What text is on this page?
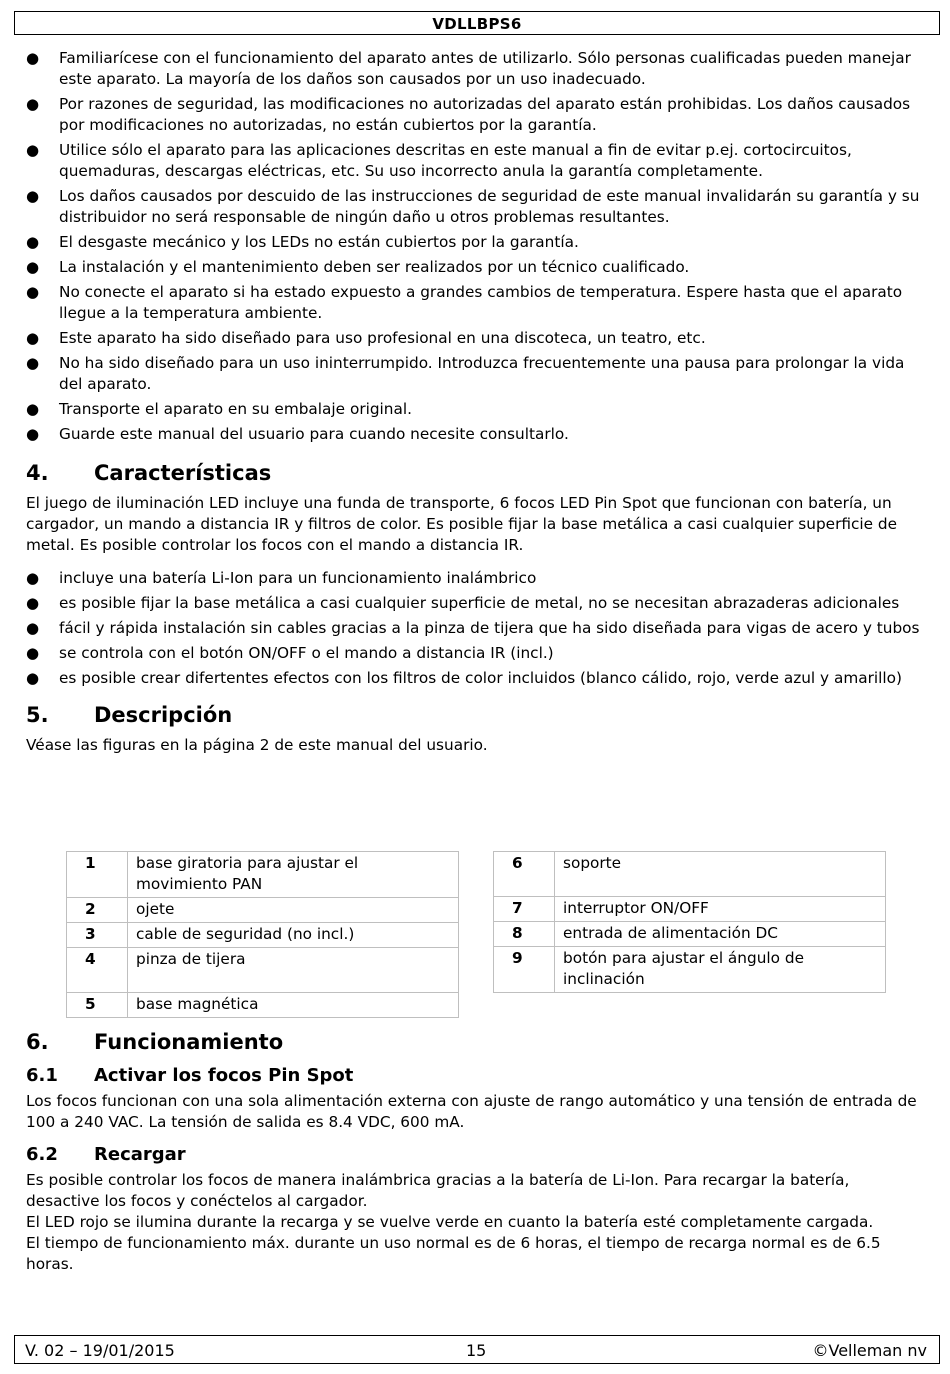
VDLLBPS6
● Familiarícese con el funcionamiento del aparato antes de utilizarlo. Sólo personas cualificadas pueden manejar este aparato. La mayoría de los daños son causados por un uso inadecuado.
● Por razones de seguridad, las modificaciones no autorizadas del aparato están prohibidas. Los daños causados por modificaciones no autorizadas, no están cubiertos por la garantía.
● Utilice sólo el aparato para las aplicaciones descritas en este manual a fin de evitar p.ej. cortocircuitos, quemaduras, descargas eléctricas, etc. Su uso incorrecto anula la garantía completamente.
● Los daños causados por descuido de las instrucciones de seguridad de este manual invalidarán su garantía y su distribuidor no será responsable de ningún daño u otros problemas resultantes.
● El desgaste mecánico y los LEDs no están cubiertos por la garantía.
● La instalación y el mantenimiento deben ser realizados por un técnico cualificado.
● No conecte el aparato si ha estado expuesto a grandes cambios de temperatura. Espere hasta que el aparato llegue a la temperatura ambiente.
● Este aparato ha sido diseñado para uso profesional en una discoteca, un teatro, etc.
● No ha sido diseñado para un uso ininterrumpido. Introduzca frecuentemente una pausa para prolongar la vida del aparato.
● Transporte el aparato en su embalaje original.
● Guarde este manual del usuario para cuando necesite consultarlo.
4. Características

El juego de iluminación LED incluye una funda de transporte, 6 focos LED Pin Spot que funcionan con batería, un cargador, un mando a distancia IR y filtros de color. Es posible fijar la base metálica a casi cualquier superficie de metal. Es posible controlar los focos con el mando a distancia IR.

● incluye una batería Li-Ion para un funcionamiento inalámbrico
● es posible fijar la base metálica a casi cualquier superficie de metal, no se necesitan abrazaderas adicionales
● fácil y rápida instalación sin cables gracias a la pinza de tijera que ha sido diseñada para vigas de acero y tubos
● se controla con el botón ON/OFF o el mando a distancia IR (incl.)
● es posible crear difertentes efectos con los filtros de color incluidos (blanco cálido, rojo, verde azul y amarillo)
5. Descripción

Véase las figuras en la página 2 de este manual del usuario.

1	base giratoria para ajustar el movimiento PAN
2	ojete
3	cable de seguridad (no incl.)
4	pinza de tijera
5	base magnética
6	soporte
7	interruptor ON/OFF
8	entrada de alimentación DC
9	botón para ajustar el ángulo de inclinación
6. Funcionamiento
6.1 Activar los focos Pin Spot

Los focos funcionan con una sola alimentación externa con ajuste de rango automático y una tensión de entrada de 100 a 240 VAC. La tensión de salida es 8.4 VDC, 600 mA.

6.2 Recargar

Es posible controlar los focos de manera inalámbrica gracias a la batería de Li-Ion. Para recargar la batería, desactive los focos y conéctelos al cargador.

El LED rojo se ilumina durante la recarga y se vuelve verde en cuanto la batería esté completamente cargada.

El tiempo de funcionamiento máx. durante un uso normal es de 6 horas, el tiempo de recarga normal es de 6.5 horas.

V. 02 – 19/01/2015	15	©Velleman nv
